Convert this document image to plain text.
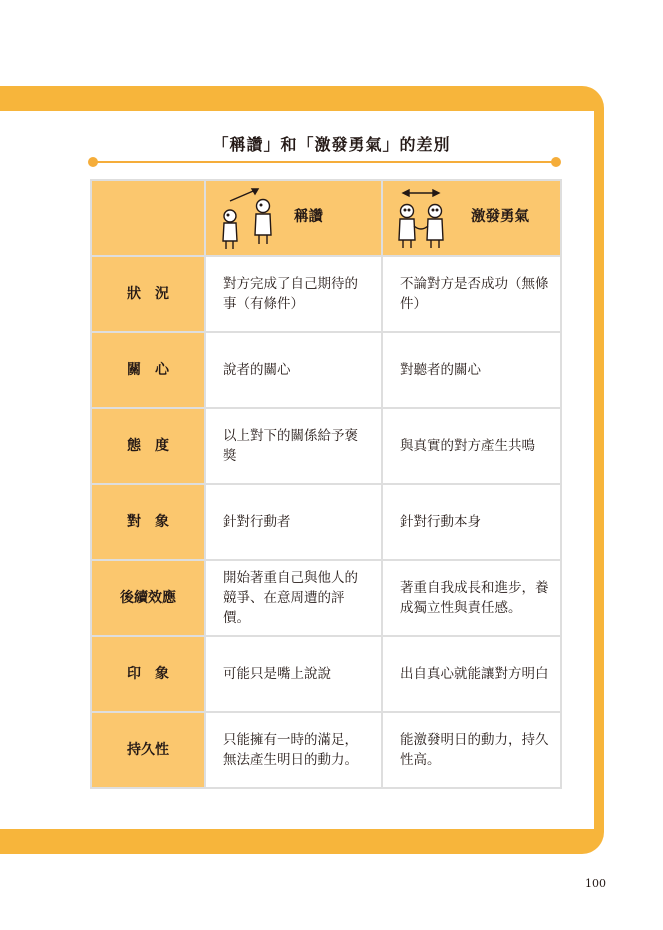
「稱讚」和「激發勇氣」的差別

	稱讚	激發勇氣

狀況	對方完成了自己期待的事（有條件）	不論對方是否成功（無條件）
關心	說者的關心	對聽者的關心
態度	以上對下的關係給予褒獎	與真實的對方產生共鳴
對象	針對行動者	針對行動本身
後續效應	開始著重自己與他人的競爭、在意周遭的評價。	著重自我成長和進步，養成獨立性與責任感。
印象	可能只是嘴上說說	出自真心就能讓對方明白
持久性	只能擁有一時的滿足，無法產生明日的動力。	能激發明日的動力，持久性高。
100
